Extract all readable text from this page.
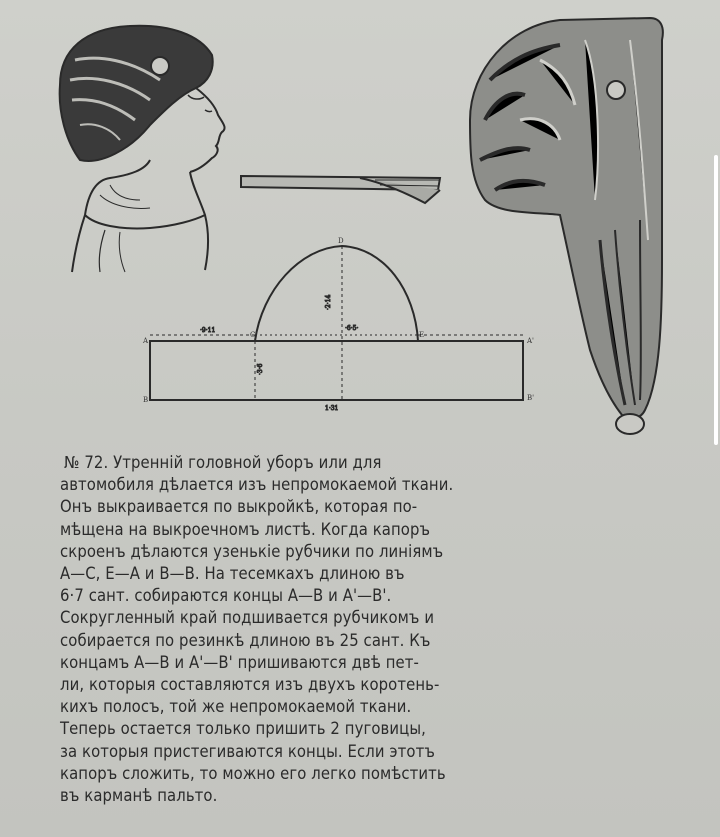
·9·11
·2·14
·6·5·
·3·6
1·31
D
A
B
C	E
A'
B'
№ 72. Утренній головной уборъ или для
автомобиля дѣлается изъ непромокаемой ткани.
Онъ выкраивается по выкройкѣ, которая по-
мѣщена на выкроечномъ листѣ. Когда капоръ
скроенъ дѣлаются узенькіе рубчики по линіямъ
А—С, Е—А и В—В. На тесемкахъ длиною въ
6·7 сант. собираются концы А—В и А'—В'.
Сокругленный край подшивается рубчикомъ и
собирается по резинкѣ длиною въ 25 сант. Къ
концамъ А—В и А'—В' пришиваются двѣ пет-
ли, которыя составляются изъ двухъ коротень-
кихъ полосъ, той же непромокаемой ткани.
Теперь остается только пришить 2 пуговицы,
за которыя пристегиваются концы. Если этотъ
капоръ сложить, то можно его легко помѣстить
въ карманѣ пальто.
